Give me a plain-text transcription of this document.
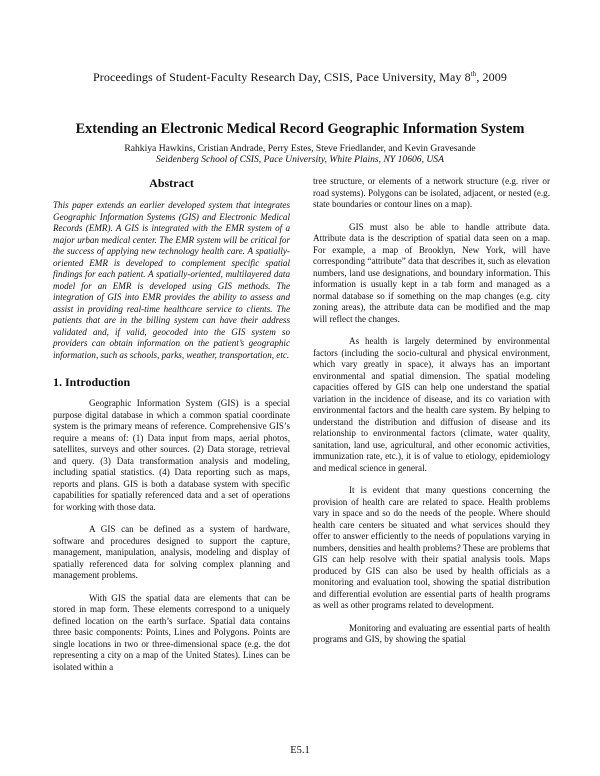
Proceedings of Student-Faculty Research Day, CSIS, Pace University, May 8th, 2009
Extending an Electronic Medical Record Geographic Information System
Rahkiya Hawkins, Cristian Andrade, Perry Estes, Steve Friedlander, and Kevin Gravesande
Seidenberg School of CSIS, Pace University, White Plains, NY 10606, USA
Abstract

This paper extends an earlier developed system that integrates Geographic Information Systems (GIS) and Electronic Medical Records (EMR). A GIS is integrated with the EMR system of a major urban medical center. The EMR system will be critical for the success of applying new technology health care. A spatially-oriented EMR is developed to complement specific spatial findings for each patient. A spatially-oriented, multilayered data model for an EMR is developed using GIS methods. The integration of GIS into EMR provides the ability to assess and assist in providing real-time healthcare service to clients. The patients that are in the billing system can have their address validated and, if valid, geocoded into the GIS system so providers can obtain information on the patient’s geographic information, such as schools, parks, weather, transportation, etc.

1. Introduction

Geographic Information System (GIS) is a special purpose digital database in which a common spatial coordinate system is the primary means of reference. Comprehensive GIS’s require a means of: (1) Data input from maps, aerial photos, satellites, surveys and other sources. (2) Data storage, retrieval and query. (3) Data transformation analysis and modeling, including spatial statistics. (4) Data reporting such as maps, reports and plans. GIS is both a database system with specific capabilities for spatially referenced data and a set of operations for working with those data.

A GIS can be defined as a system of hardware, software and procedures designed to support the capture, management, manipulation, analysis, modeling and display of spatially referenced data for solving complex planning and management problems.

With GIS the spatial data are elements that can be stored in map form. These elements correspond to a uniquely defined location on the earth’s surface. Spatial data contains three basic components: Points, Lines and Polygons. Points are single locations in two or three-dimensional space (e.g. the dot representing a city on a map of the United States). Lines can be isolated within a

tree structure, or elements of a network structure (e.g. river or road systems). Polygons can be isolated, adjacent, or nested (e.g. state boundaries or contour lines on a map).

GIS must also be able to handle attribute data. Attribute data is the description of spatial data seen on a map. For example, a map of Brooklyn, New York, will have corresponding “attribute” data that describes it, such as elevation numbers, land use designations, and boundary information. This information is usually kept in a tab form and managed as a normal database so if something on the map changes (e.g. city zoning areas), the attribute data can be modified and the map will reflect the changes.

As health is largely determined by environmental factors (including the socio-cultural and physical environment, which vary greatly in space), it always has an important environmental and spatial dimension. The spatial modeling capacities offered by GIS can help one understand the spatial variation in the incidence of disease, and its co variation with environmental factors and the health care system. By helping to understand the distribution and diffusion of disease and its relationship to environmental factors (climate, water quality, sanitation, land use, agricultural, and other economic activities, immunization rate, etc.), it is of value to etiology, epidemiology and medical science in general.

It is evident that many questions concerning the provision of health care are related to space. Health problems vary in space and so do the needs of the people. Where should health care centers be situated and what services should they offer to answer efficiently to the needs of populations varying in numbers, densities and health problems? These are problems that GIS can help resolve with their spatial analysis tools. Maps produced by GIS can also be used by health officials as a monitoring and evaluation tool, showing the spatial distribution and differential evolution are essential parts of health programs as well as other programs related to development.

Monitoring and evaluating are essential parts of health programs and GIS, by showing the spatial

E5.1
